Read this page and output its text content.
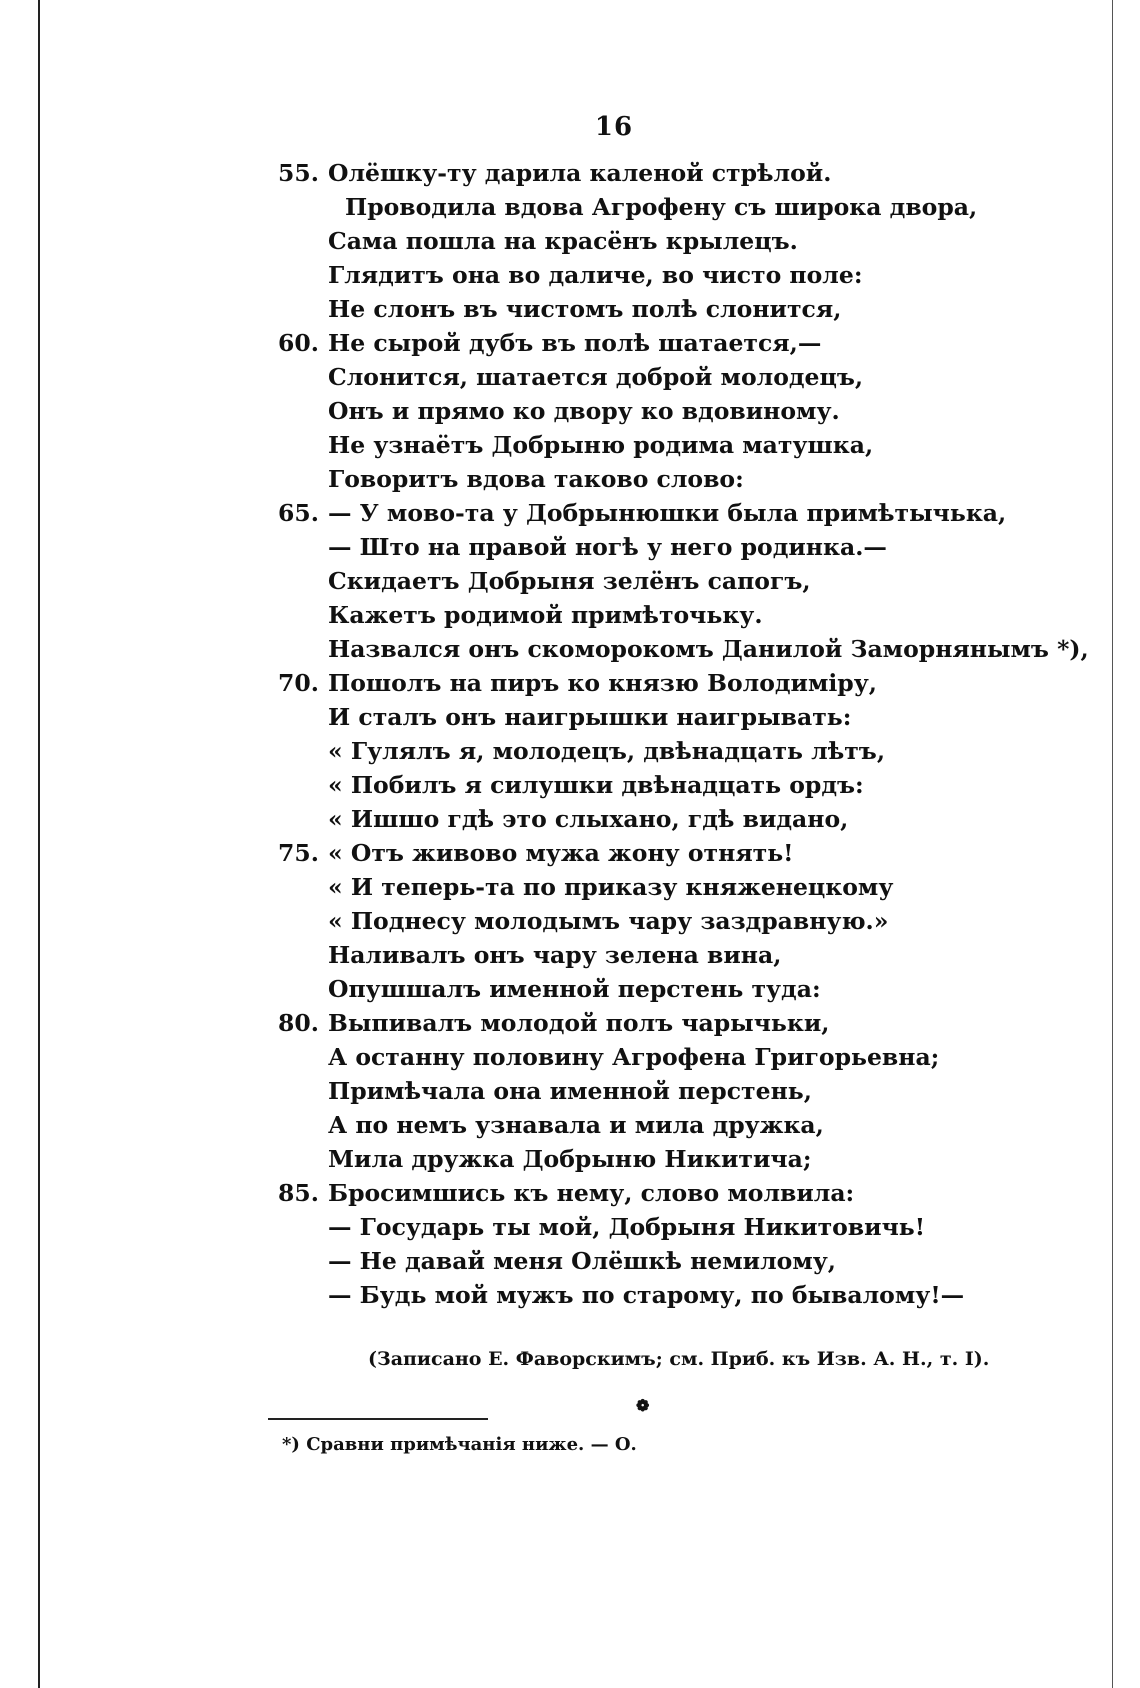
16
55. Олёшку-ту дарила каленой стрѣлой.
Проводила вдова Агрофену съ широка двора,
Сама пошла на красёнъ крылецъ.
Глядитъ она во даличе, во чисто поле:
Не слонъ въ чистомъ полѣ слонится,
60. Не сырой дубъ въ полѣ шатается,—
Слонится, шатается доброй молодецъ,
Онъ и прямо ко двору ко вдовиному.
Не узнаётъ Добрыню родима матушка,
Говоритъ вдова таково слово:
65. — У мово-та у Добрынюшки была примѣтычька,
— Што на правой ногѣ у него родинка.—
Скидаетъ Добрыня зелёнъ сапогъ,
Кажетъ родимой примѣточьку.
Назвался онъ скоморокомъ Данилой Заморнянымъ *),
70. Пошолъ на пиръ ко князю Володиміру,
И сталъ онъ наигрышки наигрывать:
« Гулялъ я, молодецъ, двѣнадцать лѣтъ,
« Побилъ я силушки двѣнадцать ордъ:
« Ишшо гдѣ это слыхано, гдѣ видано,
75. « Отъ живово мужа жону отнять!
« И теперь-та по приказу княженецкому
« Поднесу молодымъ чару заздравную.»
Наливалъ онъ чару зелена вина,
Опушшалъ именной перстень туда:
80. Выпивалъ молодой полъ чарычьки,
А останну половину Агрофена Григорьевна;
Примѣчала она именной перстень,
А по немъ узнавала и мила дружка,
Мила дружка Добрыню Никитича;
85. Бросимшись къ нему, слово молвила:
— Государь ты мой, Добрыня Никитовичь!
— Не давай меня Олёшкѣ немилому,
— Будь мой мужъ по старому, по бывалому!—
(Записано Е. Фаворскимъ; см. Приб. къ Изв. А. Н., т. I).
❁
*) Сравни примѣчанія ниже. — О.
